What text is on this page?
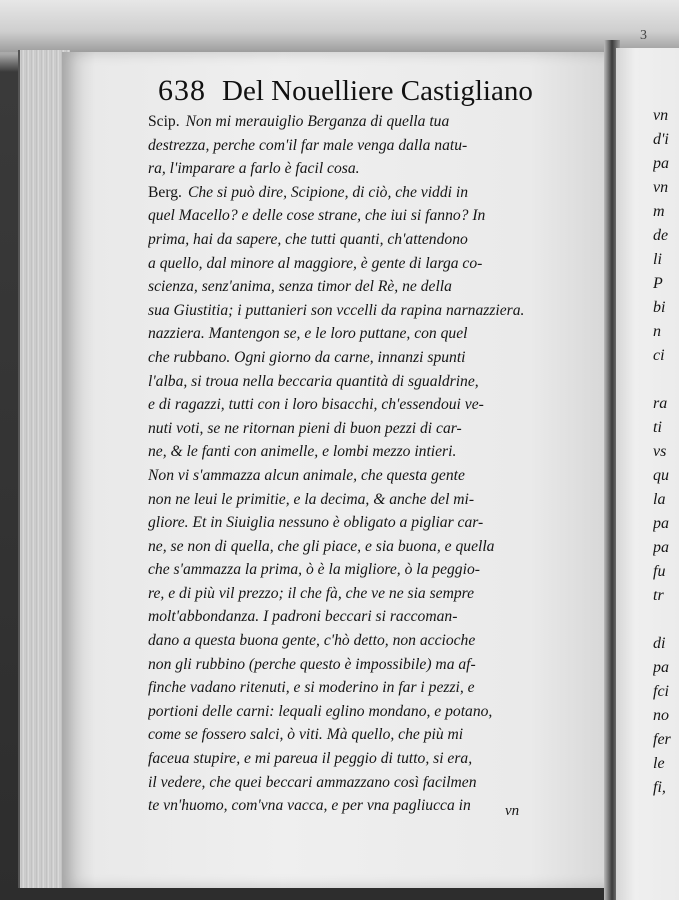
3
638 Del Nouelliere Castigliano
Scip. Non mi merauiglio Berganza di quella tua
destrezza, perche com'il far male venga dalla natu-
ra, l'imparare a farlo è facil cosa.
Berg. Che si può dire, Scipione, di ciò, che viddi in
quel Macello? e delle cose strane, che iui si fanno? In
prima, hai da sapere, che tutti quanti, ch'attendono
a quello, dal minore al maggiore, è gente di larga co-
scienza, senz'anima, senza timor del Rè, ne della
sua Giustitia; i puttanieri son vccelli da rapina narnazziera.
nazziera. Mantengon se, e le loro puttane, con quel
che rubbano. Ogni giorno da carne, innanzi spunti
l'alba, si troua nella beccaria quantità di sgualdrine,
e di ragazzi, tutti con i loro bisacchi, ch'essendoui ve-
nuti voti, se ne ritornan pieni di buon pezzi di car-
ne, & le fanti con animelle, e lombi mezzo intieri.
Non vi s'ammazza alcun animale, che questa gente
non ne leui le primitie, e la decima, & anche del mi-
gliore. Et in Siuiglia nessuno è obligato a pigliar car-
ne, se non di quella, che gli piace, e sia buona, e quella
che s'ammazza la prima, ò è la migliore, ò la peggio-
re, e di più vil prezzo; il che fà, che ve ne sia sempre
molt'abbondanza. I padroni beccari si raccoman-
dano a questa buona gente, c'hò detto, non accioche
non gli rubbino (perche questo è impossibile) ma af-
finche vadano ritenuti, e si moderino in far i pezzi, e
portioni delle carni: lequali eglino mondano, e potano,
come se fossero salci, ò viti. Mà quello, che più mi
faceua stupire, e mi pareua il peggio di tutto, si era,
il vedere, che quei beccari ammazzano così facilmen
te vn'huomo, com'vna vacca, e per vna pagliucca in	vn
vn
d'i
pa
vn
m
de
li
P
bi
n
ci

ra
ti
vs
qu
la
pa
pa
fu
tr

di
pa
fci
no
fer
le
fi,
